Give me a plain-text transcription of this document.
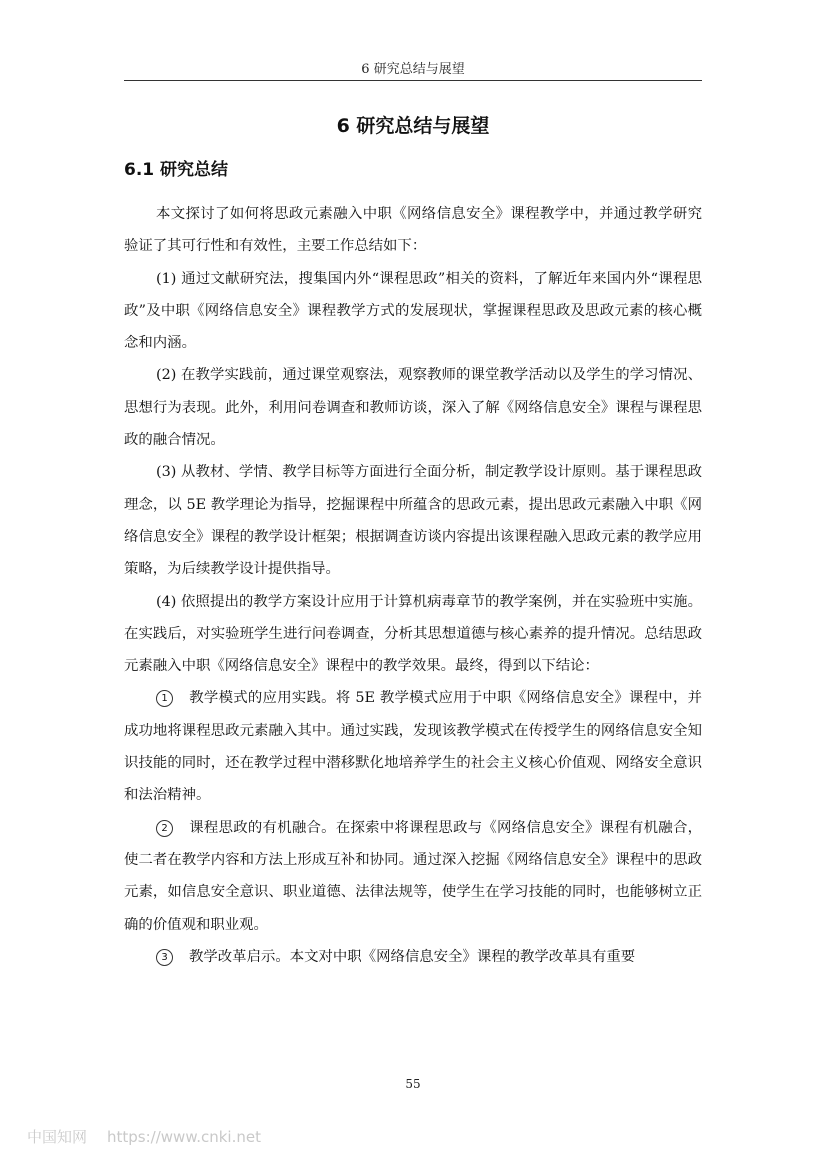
6 研究总结与展望
6 研究总结与展望
6.1 研究总结

本文探讨了如何将思政元素融入中职《网络信息安全》课程教学中，并通过教学研究验证了其可行性和有效性，主要工作总结如下：

(1) 通过文献研究法，搜集国内外“课程思政”相关的资料，了解近年来国内外“课程思政”及中职《网络信息安全》课程教学方式的发展现状，掌握课程思政及思政元素的核心概念和内涵。

(2) 在教学实践前，通过课堂观察法，观察教师的课堂教学活动以及学生的学习情况、思想行为表现。此外，利用问卷调查和教师访谈，深入了解《网络信息安全》课程与课程思政的融合情况。

(3) 从教材、学情、教学目标等方面进行全面分析，制定教学设计原则。基于课程思政理念，以 5E 教学理论为指导，挖掘课程中所蕴含的思政元素，提出思政元素融入中职《网络信息安全》课程的教学设计框架；根据调查访谈内容提出该课程融入思政元素的教学应用策略，为后续教学设计提供指导。

(4) 依照提出的教学方案设计应用于计算机病毒章节的教学案例，并在实验班中实施。在实践后，对实验班学生进行问卷调查，分析其思想道德与核心素养的提升情况。总结思政元素融入中职《网络信息安全》课程中的教学效果。最终，得到以下结论：

1 教学模式的应用实践。将 5E 教学模式应用于中职《网络信息安全》课程中，并成功地将课程思政元素融入其中。通过实践，发现该教学模式在传授学生的网络信息安全知识技能的同时，还在教学过程中潜移默化地培养学生的社会主义核心价值观、网络安全意识和法治精神。

2 课程思政的有机融合。在探索中将课程思政与《网络信息安全》课程有机融合，使二者在教学内容和方法上形成互补和协同。通过深入挖掘《网络信息安全》课程中的思政元素，如信息安全意识、职业道德、法律法规等，使学生在学习技能的同时，也能够树立正确的价值观和职业观。

3 教学改革启示。本文对中职《网络信息安全》课程的教学改革具有重要

55
中国知网 https://www.cnki.net
